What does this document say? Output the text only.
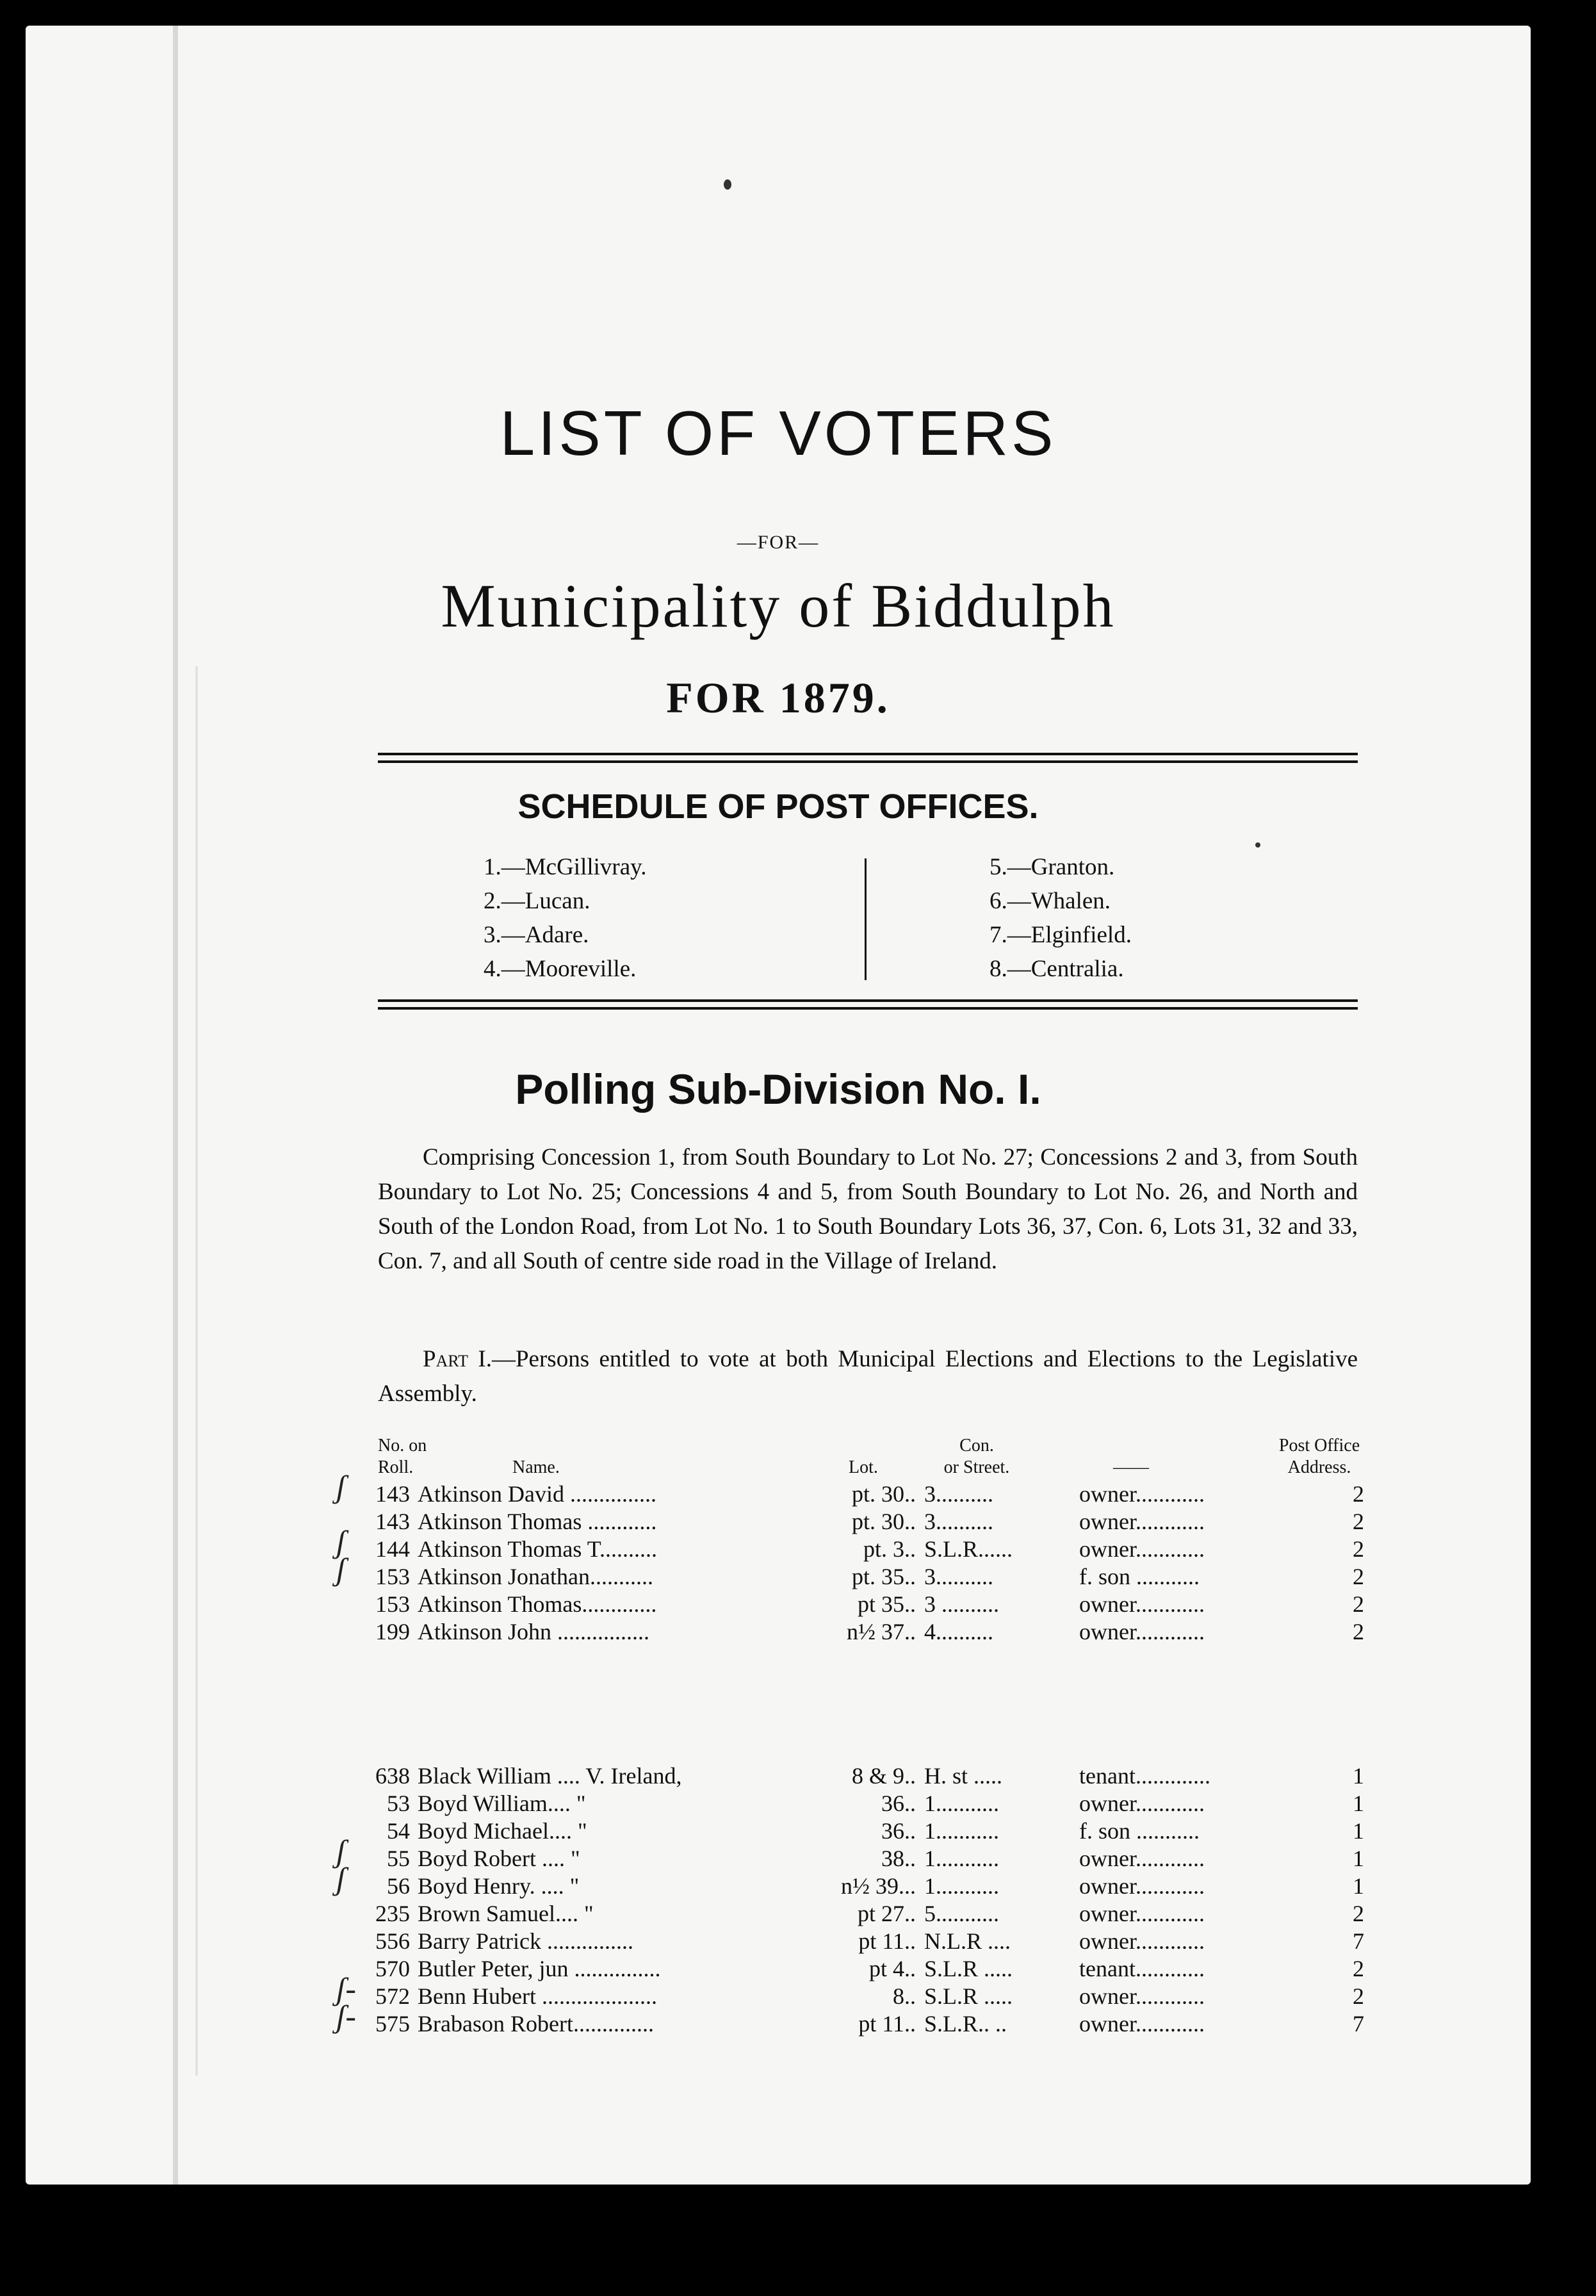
LIST OF VOTERS
—FOR—
Municipality of Biddulph
FOR 1879.
SCHEDULE OF POST OFFICES.
1.—McGillivray.
2.—Lucan.
3.—Adare.
4.—Mooreville.
5.—Granton.
6.—Whalen.
7.—Elginfield.
8.—Centralia.
Polling Sub-Division No. I.
Comprising Concession 1, from South Boundary to Lot No. 27; Concessions 2 and 3, from South Boundary to Lot No. 25; Concessions 4 and 5, from South Boundary to Lot No. 26, and North and South of the London Road, from Lot No. 1 to South Boundary Lots 36, 37, Con. 6, Lots 31, 32 and 33, Con. 7, and all South of centre side road in the Village of Ireland.
Part I.—Persons entitled to vote at both Municipal Elections and Elections to the Legislative Assembly.
No. on
Roll.	Name.	Lot.
Con.
or Street.	——
Post Office
Address.
143 Atkinson David ...............	pt. 30.. 3..........	owner............	2
ʃ
143 Atkinson Thomas ............	pt. 30.. 3..........	owner............	2
144 Atkinson Thomas T..........	pt. 3.. S.L.R......	owner............	2
ʃ
153 Atkinson Jonathan...........	pt. 35.. 3..........	f. son ...........	2
ʃ
153 Atkinson Thomas.............	pt 35.. 3 ..........	owner............	2
199 Atkinson John ................	n½ 37.. 4..........	owner............	2
638 Black William .... V. Ireland,	8 & 9.. H. st .....	tenant.............	1
53 Boyd William.... "	36.. 1...........	owner............	1
54 Boyd Michael.... "	36.. 1...........	f. son ...........	1
55 Boyd Robert .... "	38.. 1...........	owner............	1
ʃ
56 Boyd Henry. .... "	n½ 39... 1...........	owner............	1
ʃ
235 Brown Samuel.... "	pt 27.. 5...........	owner............	2
556 Barry Patrick ...............	pt 11.. N.L.R ....	owner............	7
570 Butler Peter, jun ...............	pt 4.. S.L.R .....	tenant............	2
572 Benn Hubert ....................	8.. S.L.R .....	owner............	2
ʃ-
575 Brabason Robert..............	pt 11.. S.L.R.. ..	owner............	7
ʃ-
